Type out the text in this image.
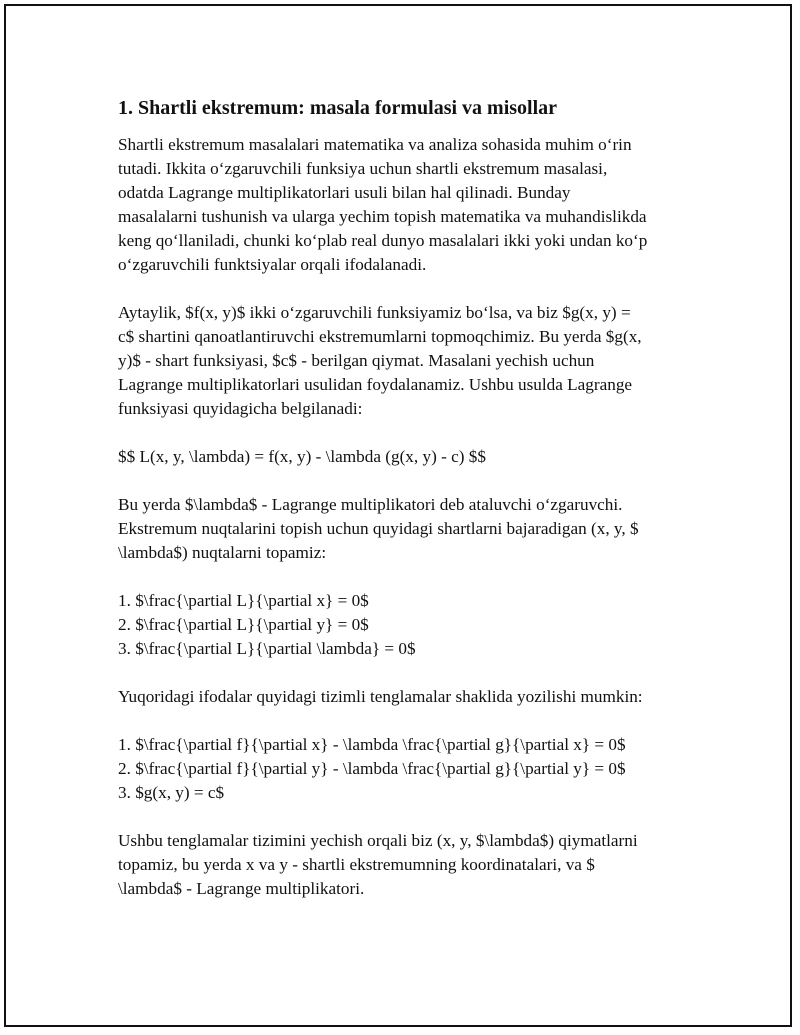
1. Shartli ekstremum: masala formulasi va misollar

Shartli ekstremum masalalari matematika va analiza sohasida muhim oʻrin
tutadi. Ikkita oʻzgaruvchili funksiya uchun shartli ekstremum masalasi,
odatda Lagrange multiplikatorlari usuli bilan hal qilinadi. Bunday
masalalarni tushunish va ularga yechim topish matematika va muhandislikda
keng qoʻllaniladi, chunki koʻplab real dunyo masalalari ikki yoki undan koʻp
oʻzgaruvchili funktsiyalar orqali ifodalanadi.

Aytaylik, $f(x, y)$ ikki oʻzgaruvchili funksiyamiz boʻlsa, va biz $g(x, y) =
c$ shartini qanoatlantiruvchi ekstremumlarni topmoqchimiz. Bu yerda $g(x,
y)$ - shart funksiyasi, $c$ - berilgan qiymat. Masalani yechish uchun
Lagrange multiplikatorlari usulidan foydalanamiz. Ushbu usulda Lagrange
funksiyasi quyidagicha belgilanadi:

$$ L(x, y, \lambda) = f(x, y) - \lambda (g(x, y) - c) $$

Bu yerda $\lambda$ - Lagrange multiplikatori deb ataluvchi oʻzgaruvchi.
Ekstremum nuqtalarini topish uchun quyidagi shartlarni bajaradigan (x, y, $
\lambda$) nuqtalarni topamiz:

1. $\frac{\partial L}{\partial x} = 0$
2. $\frac{\partial L}{\partial y} = 0$
3. $\frac{\partial L}{\partial \lambda} = 0$

Yuqoridagi ifodalar quyidagi tizimli tenglamalar shaklida yozilishi mumkin:

1. $\frac{\partial f}{\partial x} - \lambda \frac{\partial g}{\partial x} = 0$
2. $\frac{\partial f}{\partial y} - \lambda \frac{\partial g}{\partial y} = 0$
3. $g(x, y) = c$

Ushbu tenglamalar tizimini yechish orqali biz (x, y, $\lambda$) qiymatlarni
topamiz, bu yerda x va y - shartli ekstremumning koordinatalari, va $
\lambda$ - Lagrange multiplikatori.
